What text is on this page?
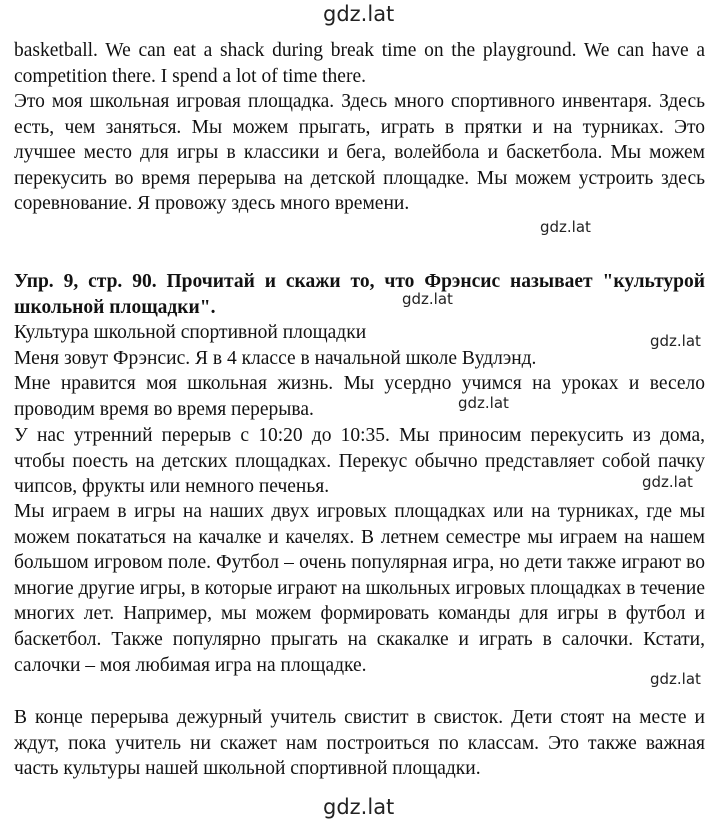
gdz.lat

basketball. We can eat a shack during break time on the playground. We can have a competition there. I spend a lot of time there.

Это моя школьная игровая площадка. Здесь много спортивного инвентаря. Здесь есть, чем заняться. Мы можем прыгать, играть в прятки и на турниках. Это лучшее место для игры в классики и бега, волейбола и баскетбола. Мы можем перекусить во время перерыва на детской площадке. Мы можем устроить здесь соревнование. Я провожу здесь много времени.

gdz.lat

Упр. 9, стр. 90. Прочитай и скажи то, что Фрэнсис называет "культурой школьной площадки".	gdz.lat

Культура школьной спортивной площадки	gdz.lat

Меня зовут Фрэнсис. Я в 4 классе в начальной школе Вудлэнд.

Мне нравится моя школьная жизнь. Мы усердно учимся на уроках и весело проводим время во время перерыва.	gdz.lat

У нас утренний перерыв с 10:20 до 10:35. Мы приносим перекусить из дома, чтобы поесть на детских площадках. Перекус обычно представляет собой пачку чипсов, фрукты или немного печенья.	gdz.lat

Мы играем в игры на наших двух игровых площадках или на турниках, где мы можем покататься на качалке и качелях. В летнем семестре мы играем на нашем большом игровом поле. Футбол – очень популярная игра, но дети также играют во многие другие игры, в которые играют на школьных игровых площадках в течение многих лет. Например, мы можем формировать команды для игры в футбол и баскетбол. Также популярно прыгать на скакалке и играть в салочки. Кстати, салочки – моя любимая игра на площадке.

gdz.lat

В конце перерыва дежурный учитель свистит в свисток. Дети стоят на месте и ждут, пока учитель ни скажет нам построиться по классам. Это также важная часть культуры нашей школьной спортивной площадки.

gdz.lat
